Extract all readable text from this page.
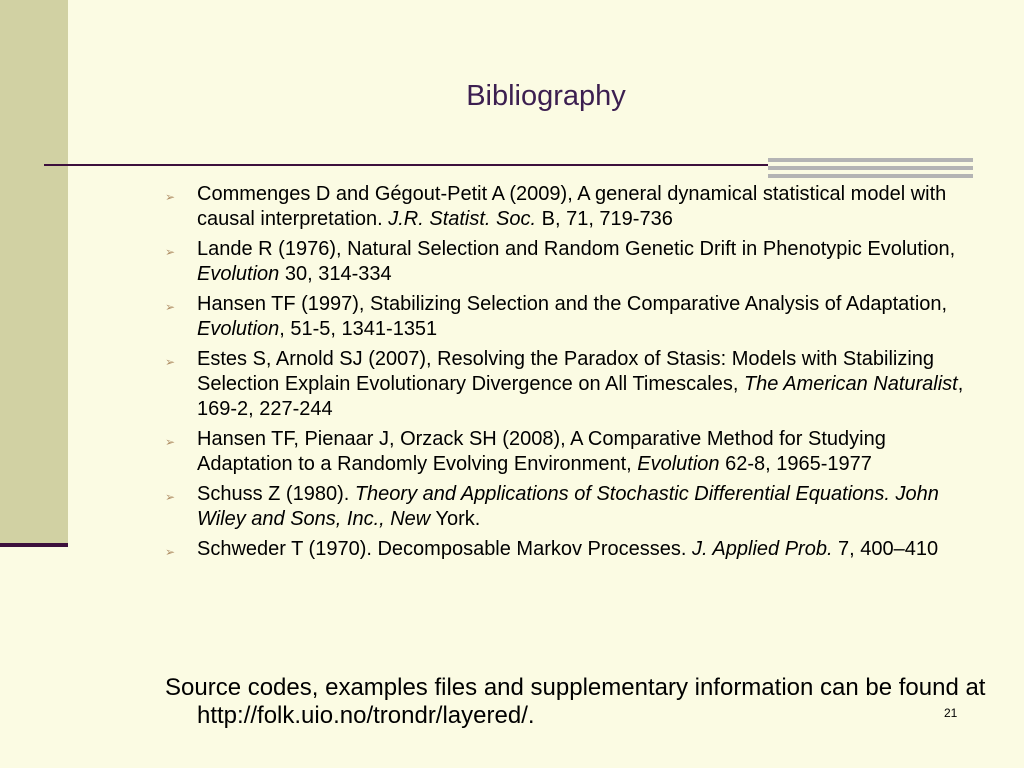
Bibliography
➢ Commenges D and Gégout-Petit A (2009), A general dynamical statistical model with causal interpretation. J.R. Statist. Soc. B, 71, 719-736
➢ Lande R (1976), Natural Selection and Random Genetic Drift in Phenotypic Evolution, Evolution 30, 314-334
➢ Hansen TF (1997), Stabilizing Selection and the Comparative Analysis of Adaptation, Evolution, 51-5, 1341-1351
➢ Estes S, Arnold SJ (2007), Resolving the Paradox of Stasis: Models with Stabilizing Selection Explain Evolutionary Divergence on All Timescales, The American Naturalist, 169-2, 227-244
➢ Hansen TF, Pienaar J, Orzack SH (2008), A Comparative Method for Studying Adaptation to a Randomly Evolving Environment, Evolution 62-8, 1965-1977
➢ Schuss Z (1980). Theory and Applications of Stochastic Differential Equations. John Wiley and Sons, Inc., New York.
➢ Schweder T (1970). Decomposable Markov Processes. J. Applied Prob. 7, 400–410
Source codes, examples files and supplementary information can be found at http://folk.uio.no/trondr/layered/.	21
